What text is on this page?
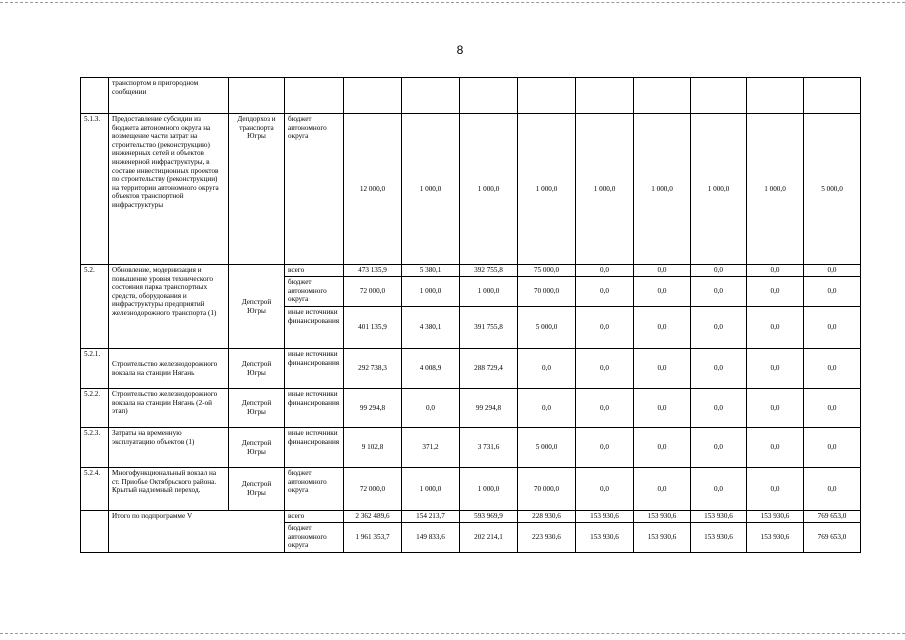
8
	транспортом в пригородном сообщении											
5.1.3.	Предоставление субсидии из бюджета автономного округа на возмещение части затрат на строительство (реконструкцию) инженерных сетей и объектов инженерной инфраструктуры, в составе инвестиционных проектов по строительству (реконструкции) на территории автономного округа объектов транспортной инфраструктуры	Депдорхоз и транспорта Югры	бюджет автономного округа	12 000,0	1 000,0	1 000,0	1 000,0	1 000,0	1 000,0	1 000,0	1 000,0	5 000,0
5.2.	Обновление, модернизация и повышение уровня технического состояния парка транспортных средств, оборудования и инфраструктуры предприятий железнодорожного транспорта (1)	Депстрой Югры	всего	473 135,9	5 380,1	392 755,8	75 000,0	0,0	0,0	0,0	0,0	0,0
			бюджет автономного округа	72 000,0	1 000,0	1 000,0	70 000,0	0,0	0,0	0,0	0,0	0,0
			иные источники финансирования	401 135,9	4 380,1	391 755,8	5 000,0	0,0	0,0	0,0	0,0	0,0
5.2.1.	Строительство железнодорожного вокзала на станции Нягань	Депстрой Югры	иные источники финансирования	292 738,3	4 008,9	288 729,4	0,0	0,0	0,0	0,0	0,0	0,0
5.2.2.	Строительство железнодорожного вокзала на станции Нягань (2-ой этап)	Депстрой Югры	иные источники финансирования	99 294,8	0,0	99 294,8	0,0	0,0	0,0	0,0	0,0	0,0
5.2.3.	Затраты на временную эксплуатацию объектов (1)	Депстрой Югры	иные источники финансирования	9 102,8	371,2	3 731,6	5 000,0	0,0	0,0	0,0	0,0	0,0
5.2.4.	Многофункциональный вокзал на ст. Приобье Октябрьского района. Крытый надземный переход.	Депстрой Югры	бюджет автономного округа	72 000,0	1 000,0	1 000,0	70 000,0	0,0	0,0	0,0	0,0	0,0
	Итого по подпрограмме V		всего	2 362 489,6	154 213,7	593 969,9	228 930,6	153 930,6	153 930,6	153 930,6	153 930,6	769 653,0
			бюджет автономного округа	1 961 353,7	149 833,6	202 214,1	223 930,6	153 930,6	153 930,6	153 930,6	153 930,6	769 653,0
